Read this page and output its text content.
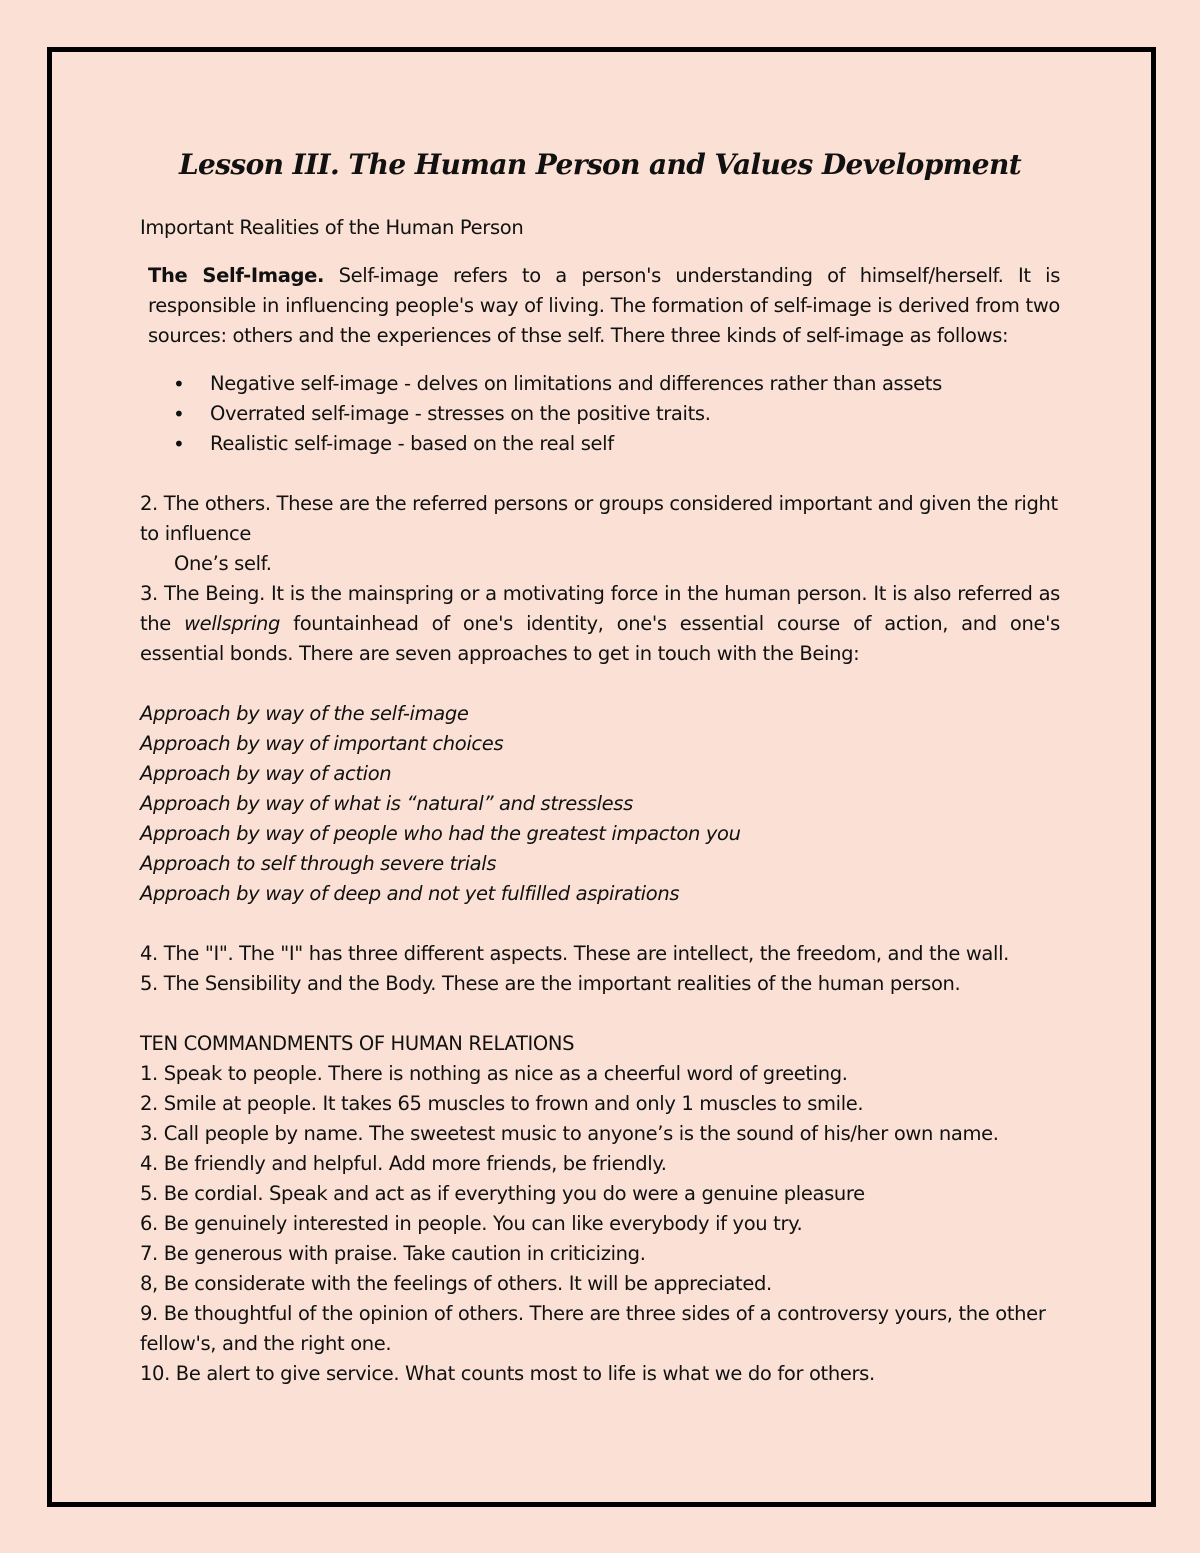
Lesson III. The Human Person and Values Development

Important Realities of the Human Person

The Self-Image. Self-image refers to a person's understanding of himself/herself. It is responsible in influencing people's way of living. The formation of self-image is derived from two sources: others and the experiences of thse self. There three kinds of self-image as follows:

• Negative self-image - delves on limitations and differences rather than assets
• Overrated self-image - stresses on the positive traits.
• Realistic self-image - based on the real self

2. The others. These are the referred persons or groups considered important and given the right to influence

One’s self.

3. The Being. It is the mainspring or a motivating force in the human person. It is also referred as the wellspring fountainhead of one's identity, one's essential course of action, and one's essential bonds. There are seven approaches to get in touch with the Being:

Approach by way of the self-image

Approach by way of important choices

Approach by way of action

Approach by way of what is “natural” and stressless

Approach by way of people who had the greatest impacton you

Approach to self through severe trials

Approach by way of deep and not yet fulfilled aspirations

4. The "I". The "I" has three different aspects. These are intellect, the freedom, and the wall.

5. The Sensibility and the Body. These are the important realities of the human person.

TEN COMMANDMENTS OF HUMAN RELATIONS

1. Speak to people. There is nothing as nice as a cheerful word of greeting.

2. Smile at people. It takes 65 muscles to frown and only 1 muscles to smile.

3. Call people by name. The sweetest music to anyone’s is the sound of his/her own name.

4. Be friendly and helpful. Add more friends, be friendly.

5. Be cordial. Speak and act as if everything you do were a genuine pleasure

6. Be genuinely interested in people. You can like everybody if you try.

7. Be generous with praise. Take caution in criticizing.

8, Be considerate with the feelings of others. It will be appreciated.

9. Be thoughtful of the opinion of others. There are three sides of a controversy yours, the other fellow's, and the right one.

10. Be alert to give service. What counts most to life is what we do for others.
